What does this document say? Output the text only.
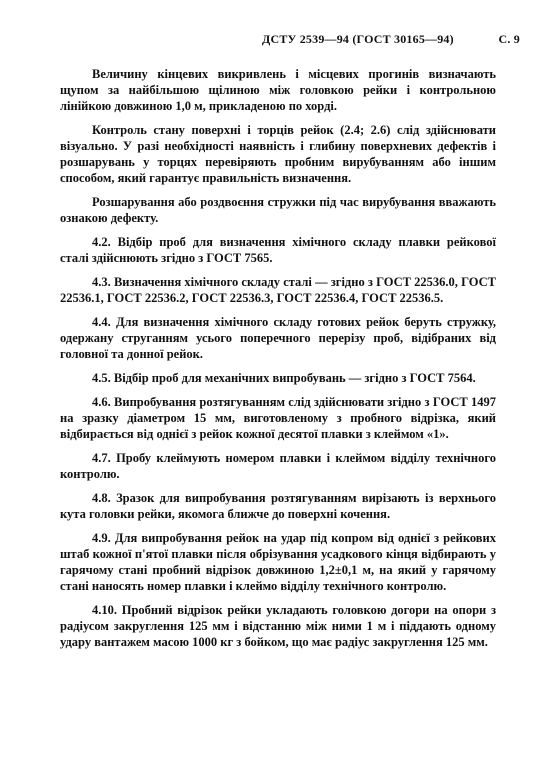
ДСТУ 2539—94 (ГОСТ 30165—94)	С. 9

Величину кінцевих викривлень і місцевих прогинів визначають щупом за найбільшою щілиною між головкою рейки і контрольною лінійкою довжиною 1,0 м, прикладеною по хорді.

Контроль стану поверхні і торців рейок (2.4; 2.6) слід здійснювати візуально. У разі необхідності наявність і глибину поверхневих дефектів і розшарувань у торцях перевіряють пробним вирубуванням або іншим способом, який гарантує правильність визначення.

Розшарування або роздвоєння стружки під час вирубування вважають ознакою дефекту.

4.2. Відбір проб для визначення хімічного складу плавки рейкової сталі здійснюють згідно з ГОСТ 7565.

4.3. Визначення хімічного складу сталі — згідно з ГОСТ 22536.0, ГОСТ 22536.1, ГОСТ 22536.2, ГОСТ 22536.3, ГОСТ 22536.4, ГОСТ 22536.5.

4.4. Для визначення хімічного складу готових рейок беруть стружку, одержану струганням усього поперечного перерізу проб, відібраних від головної та донної рейок.

4.5. Відбір проб для механічних випробувань — згідно з ГОСТ 7564.

4.6. Випробування розтягуванням слід здійснювати згідно з ГОСТ 1497 на зразку діаметром 15 мм, виготовленому з пробного відрізка, який відбирається від однієї з рейок кожної десятої плавки з клеймом «1».

4.7. Пробу клеймують номером плавки і клеймом відділу технічного контролю.

4.8. Зразок для випробування розтягуванням вирізають із верхнього кута головки рейки, якомога ближче до поверхні кочення.

4.9. Для випробування рейок на удар під копром від однієї з рейкових штаб кожної п'ятої плавки після обрізування усадкового кінця відбирають у гарячому стані пробний відрізок довжиною 1,2±0,1 м, на який у гарячому стані наносять номер плавки і клеймо відділу технічного контролю.

4.10. Пробний відрізок рейки укладають головкою догори на опори з радіусом закруглення 125 мм і відстанню між ними 1 м і піддають одному удару вантажем масою 1000 кг з бойком, що має радіус закруглення 125 мм.
